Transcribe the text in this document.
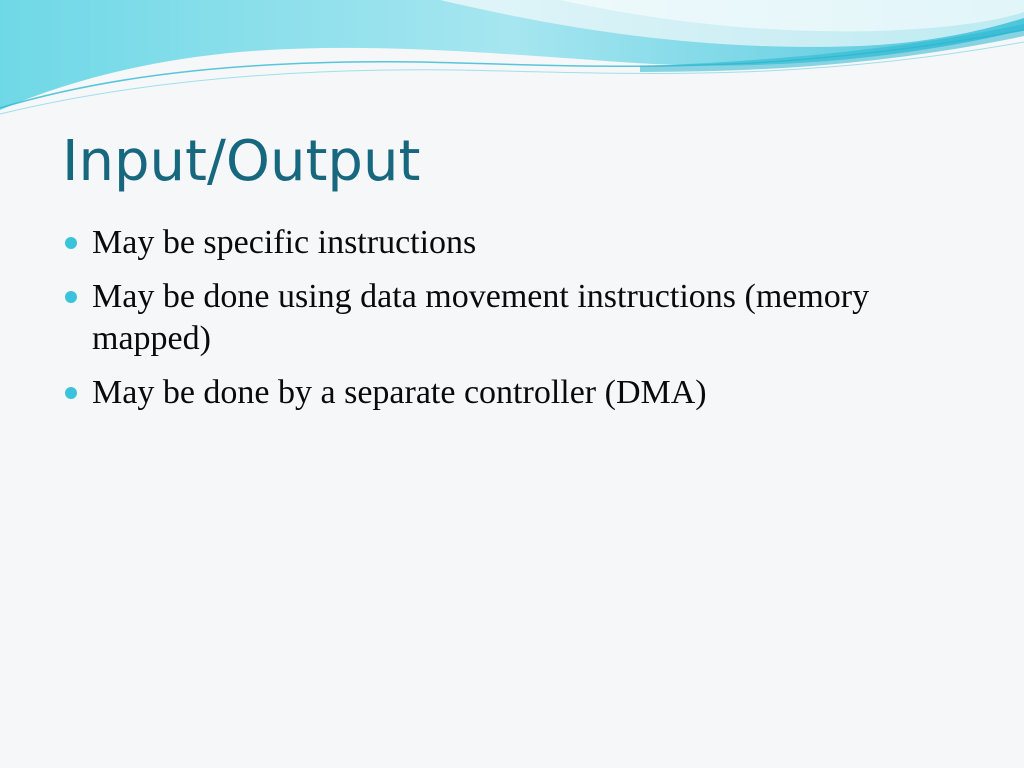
Input/Output
May be specific instructions
May be done using data movement instructions (memory mapped)
May be done by a separate controller (DMA)
